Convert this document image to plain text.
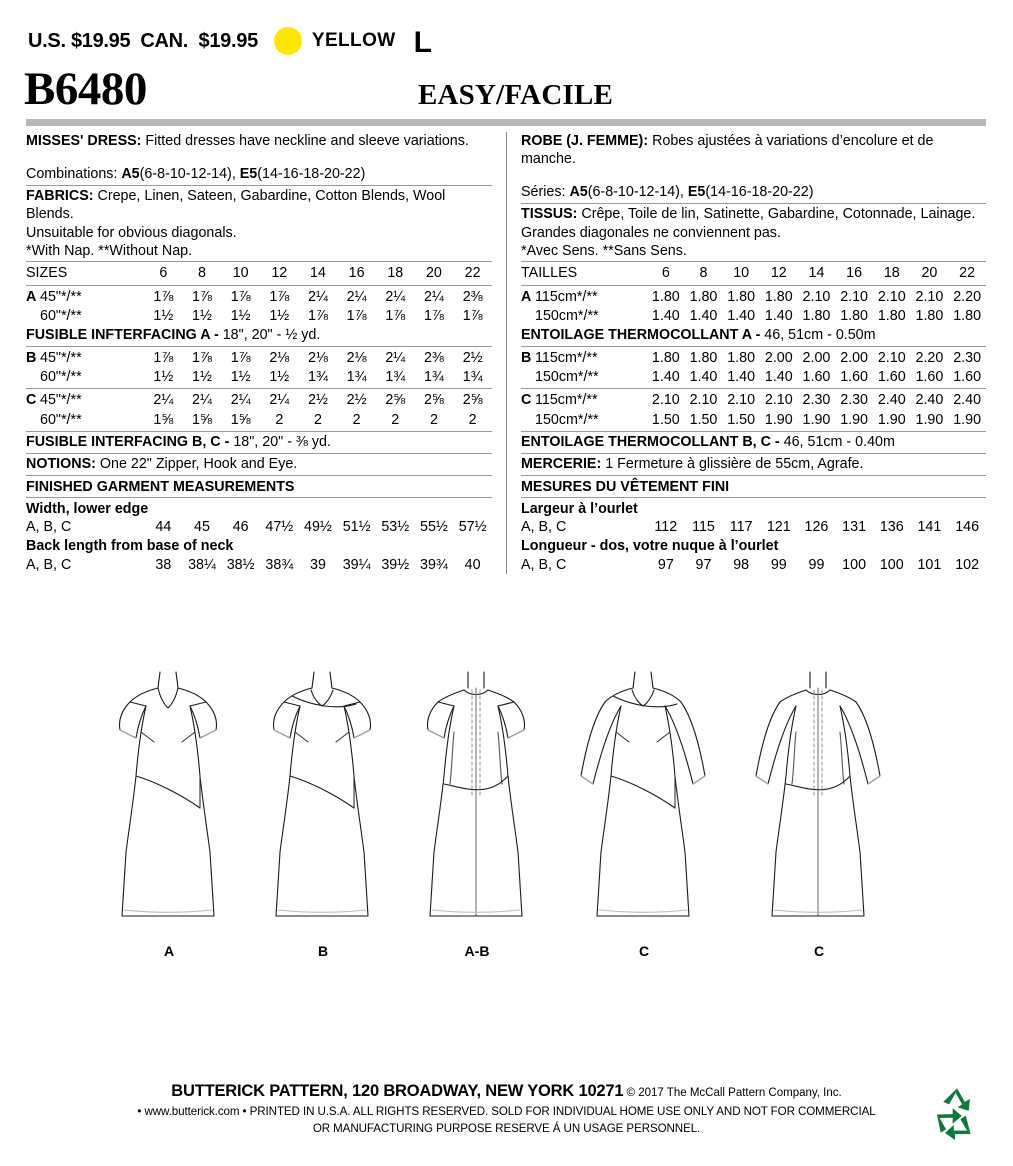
U.S. $19.95 CAN.  $19.95	YELLOW L
B6480	EASY/FACILE

MISSES' DRESS: Fitted dresses have neckline and sleeve variations.

Combinations: A5(6-8-10-12-14), E5(14-16-18-20-22)

FABRICS: Crepe, Linen, Sateen, Gabardine, Cotton Blends, Wool Blends.

Unsuitable for obvious diagonals.

*With Nap. **Without Nap.

SIZES	6	8	10	12	14	16	18	20	22

A 45"*/**	1⅞	1⅞	1⅞	1⅞	2¼	2¼	2¼	2¼	2⅜
60"*/**	1½	1½	1½	1½	1⅞	1⅞	1⅞	1⅞	1⅞

FUSIBLE INFTERFACING A - 18", 20" - ½ yd.

B 45"*/**	1⅞	1⅞	1⅞	2⅛	2⅛	2⅛	2¼	2⅜	2½
60"*/**	1½	1½	1½	1½	1¾	1¾	1¾	1¾	1¾

C 45"*/**	2¼	2¼	2¼	2¼	2½	2½	2⅝	2⅝	2⅝
60"*/**	1⅝	1⅝	1⅝	2	2	2	2	2	2

FUSIBLE INTERFACING B, C - 18", 20" - ⅜ yd.

NOTIONS: One 22" Zipper, Hook and Eye.

FINISHED GARMENT MEASUREMENTS

Width, lower edge

A, B, C	44	45	46	47½	49½	51½	53½	55½	57½

Back length from base of neck

A, B, C	38	38¼	38½	38¾	39	39¼	39½	39¾	40

ROBE (J. FEMME): Robes ajustées à variations d’encolure et de manche.

Séries: A5(6-8-10-12-14), E5(14-16-18-20-22)

TISSUS: Crêpe, Toile de lin, Satinette, Gabardine, Cotonnade, Lainage.

Grandes diagonales ne conviennent pas.

*Avec Sens. **Sans Sens.

TAILLES	6	8	10	12	14	16	18	20	22

A 115cm*/**	1.80	1.80	1.80	1.80	2.10	2.10	2.10	2.10	2.20
150cm*/**	1.40	1.40	1.40	1.40	1.80	1.80	1.80	1.80	1.80

ENTOILAGE THERMOCOLLANT A - 46, 51cm - 0.50m

B 115cm*/**	1.80	1.80	1.80	2.00	2.00	2.00	2.10	2.20	2.30
150cm*/**	1.40	1.40	1.40	1.40	1.60	1.60	1.60	1.60	1.60

C 115cm*/**	2.10	2.10	2.10	2.10	2.30	2.30	2.40	2.40	2.40
150cm*/**	1.50	1.50	1.50	1.90	1.90	1.90	1.90	1.90	1.90

ENTOILAGE THERMOCOLLANT B, C - 46, 51cm - 0.40m

MERCERIE: 1 Fermeture à glissière de 55cm, Agrafe.

MESURES DU VÊTEMENT FINI

Largeur à l’ourlet

A, B, C	112	115	117	121	126	131	136	141	146

Longueur - dos, votre nuque à l’ourlet

A, B, C	97	97	98	99	99	100	100	101	102
A	B	A-B	C	C
BUTTERICK PATTERN, 120 BROADWAY, NEW YORK 10271 © 2017 The McCall Pattern Company, Inc.
• www.butterick.com • PRINTED IN U.S.A. ALL RIGHTS RESERVED. SOLD FOR INDIVIDUAL HOME USE ONLY AND NOT FOR COMMERCIAL
OR MANUFACTURING PURPOSE RESERVE Á UN USAGE PERSONNEL.
